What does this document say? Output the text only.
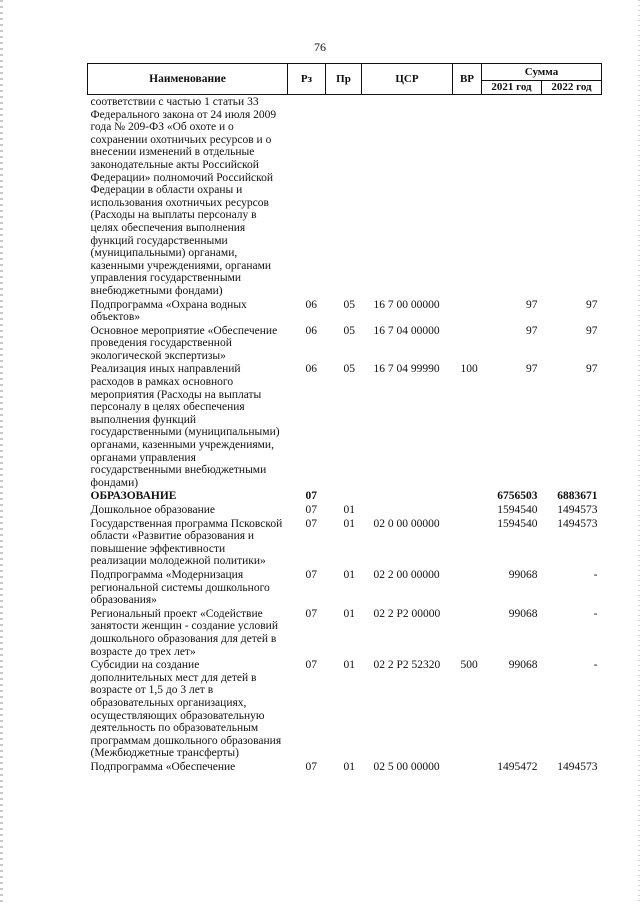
76
Наименование	Рз	Пр	ЦСР	ВР	Сумма	
					2021 год	2022 год
соответствии с частью 1 статьи 33 Федерального закона от 24 июля 2009 года № 209-ФЗ «Об охоте и о сохранении охотничьих ресурсов и о внесении изменений в отдельные законодательные акты Российской Федерации» полномочий Российской Федерации в области охраны и использования охотничьих ресурсов (Расходы на выплаты персоналу в целях обеспечения выполнения функций государственными (муниципальными) органами, казенными учреждениями, органами управления государственными внебюджетными фондами)						
Подпрограмма «Охрана водных объектов»	06	05	16 7 00 00000		97	97
Основное мероприятие «Обеспечение проведения государственной экологической экспертизы»	06	05	16 7 04 00000		97	97
Реализация иных направлений расходов в рамках основного мероприятия (Расходы на выплаты персоналу в целях обеспечения выполнения функций государственными (муниципальными) органами, казенными учреждениями, органами управления государственными внебюджетными фондами)	06	05	16 7 04 99990	100	97	97
ОБРАЗОВАНИЕ	07				6756503	6883671
Дошкольное образование	07	01			1594540	1494573
Государственная программа Псковской области «Развитие образования и повышение эффективности реализации молодежной политики»	07	01	02 0 00 00000		1594540	1494573
Подпрограмма «Модернизация региональной системы дошкольного образования»	07	01	02 2 00 00000		99068	-
Региональный проект «Содействие занятости женщин - создание условий дошкольного образования для детей в возрасте до трех лет»	07	01	02 2 P2 00000		99068	-
Субсидии на создание дополнительных мест для детей в возрасте от 1,5 до 3 лет в образовательных организациях, осуществляющих образовательную деятельность по образовательным программам дошкольного образования (Межбюджетные трансферты)	07	01	02 2 P2 52320	500	99068	-
Подпрограмма «Обеспечение	07	01	02 5 00 00000		1495472	1494573
